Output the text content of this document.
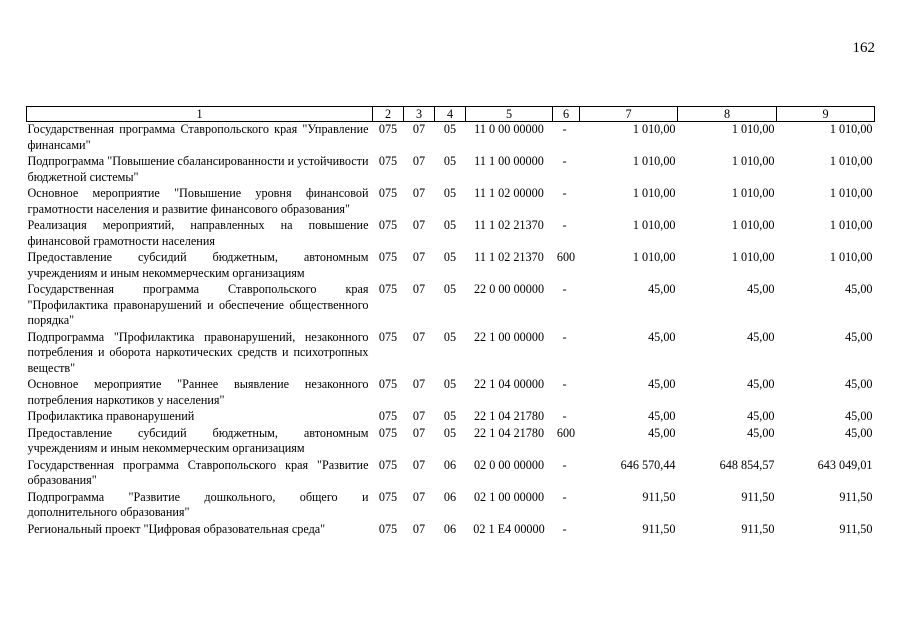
162
1	2	3	4	5	6	7	8	9
Государственная программа Ставропольского края "Управление финансами"	075	07	05	11 0 00 00000	-	1 010,00	1 010,00	1 010,00
Подпрограмма "Повышение сбалансированности и устойчивости бюджетной системы"	075	07	05	11 1 00 00000	-	1 010,00	1 010,00	1 010,00
Основное мероприятие "Повышение уровня финансовой грамотности населения и развитие финансового образования"	075	07	05	11 1 02 00000	-	1 010,00	1 010,00	1 010,00
Реализация мероприятий, направленных на повышение финансовой грамотности населения	075	07	05	11 1 02 21370	-	1 010,00	1 010,00	1 010,00
Предоставление субсидий бюджетным, автономным учреждениям и иным некоммерческим организациям	075	07	05	11 1 02 21370	600	1 010,00	1 010,00	1 010,00
Государственная программа Ставропольского края "Профилактика правонарушений и обеспечение общественного порядка"	075	07	05	22 0 00 00000	-	45,00	45,00	45,00
Подпрограмма "Профилактика правонарушений, незаконного потребления и оборота наркотических средств и психотропных веществ"	075	07	05	22 1 00 00000	-	45,00	45,00	45,00
Основное мероприятие "Раннее выявление незаконного потребления наркотиков у населения"	075	07	05	22 1 04 00000	-	45,00	45,00	45,00
Профилактика правонарушений	075	07	05	22 1 04 21780	-	45,00	45,00	45,00
Предоставление субсидий бюджетным, автономным учреждениям и иным некоммерческим организациям	075	07	05	22 1 04 21780	600	45,00	45,00	45,00
Государственная программа Ставропольского края "Развитие образования"	075	07	06	02 0 00 00000	-	646 570,44	648 854,57	643 049,01
Подпрограмма "Развитие дошкольного, общего и дополнительного образования"	075	07	06	02 1 00 00000	-	911,50	911,50	911,50
Региональный проект "Цифровая образовательная среда"	075	07	06	02 1 E4 00000	-	911,50	911,50	911,50
